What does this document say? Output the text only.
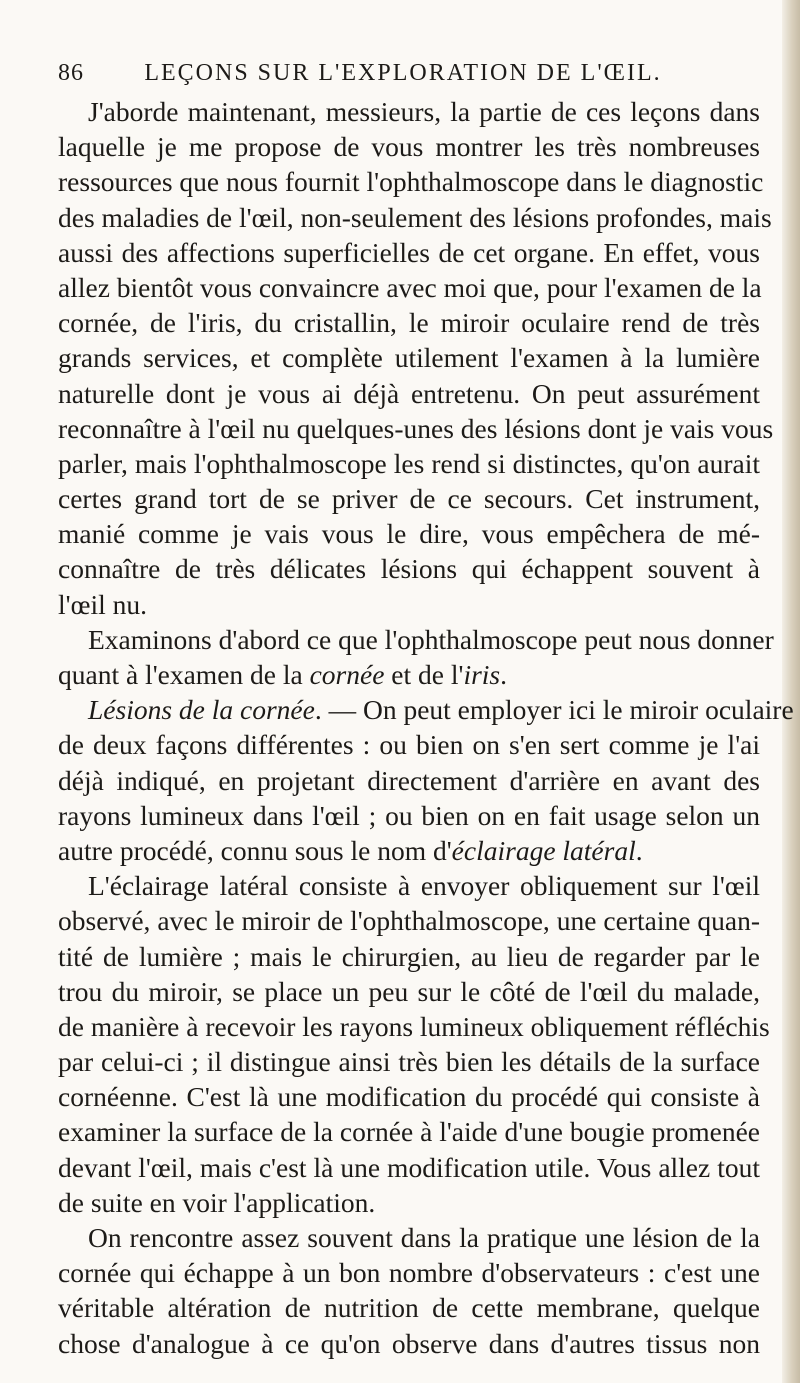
86	LEÇONS SUR L'EXPLORATION DE L'ŒIL.
J'aborde maintenant, messieurs, la partie de ces leçons dans
laquelle je me propose de vous montrer les très nombreuses
ressources que nous fournit l'ophthalmoscope dans le diagnostic
des maladies de l'œil, non-seulement des lésions profondes, mais
aussi des affections superficielles de cet organe. En effet, vous
allez bientôt vous convaincre avec moi que, pour l'examen de la
cornée, de l'iris, du cristallin, le miroir oculaire rend de très
grands services, et complète utilement l'examen à la lumière
naturelle dont je vous ai déjà entretenu. On peut assurément
reconnaître à l'œil nu quelques-unes des lésions dont je vais vous
parler, mais l'ophthalmoscope les rend si distinctes, qu'on aurait
certes grand tort de se priver de ce secours. Cet instrument,
manié comme je vais vous le dire, vous empêchera de mé-
connaître de très délicates lésions qui échappent souvent à
l'œil nu.
Examinons d'abord ce que l'ophthalmoscope peut nous donner
quant à l'examen de la cornée et de l'iris.
Lésions de la cornée. — On peut employer ici le miroir oculaire
de deux façons différentes : ou bien on s'en sert comme je l'ai
déjà indiqué, en projetant directement d'arrière en avant des
rayons lumineux dans l'œil ; ou bien on en fait usage selon un
autre procédé, connu sous le nom d'éclairage latéral.
L'éclairage latéral consiste à envoyer obliquement sur l'œil
observé, avec le miroir de l'ophthalmoscope, une certaine quan-
tité de lumière ; mais le chirurgien, au lieu de regarder par le
trou du miroir, se place un peu sur le côté de l'œil du malade,
de manière à recevoir les rayons lumineux obliquement réfléchis
par celui-ci ; il distingue ainsi très bien les détails de la surface
cornéenne. C'est là une modification du procédé qui consiste à
examiner la surface de la cornée à l'aide d'une bougie promenée
devant l'œil, mais c'est là une modification utile. Vous allez tout
de suite en voir l'application.
On rencontre assez souvent dans la pratique une lésion de la
cornée qui échappe à un bon nombre d'observateurs : c'est une
véritable altération de nutrition de cette membrane, quelque
chose d'analogue à ce qu'on observe dans d'autres tissus non
